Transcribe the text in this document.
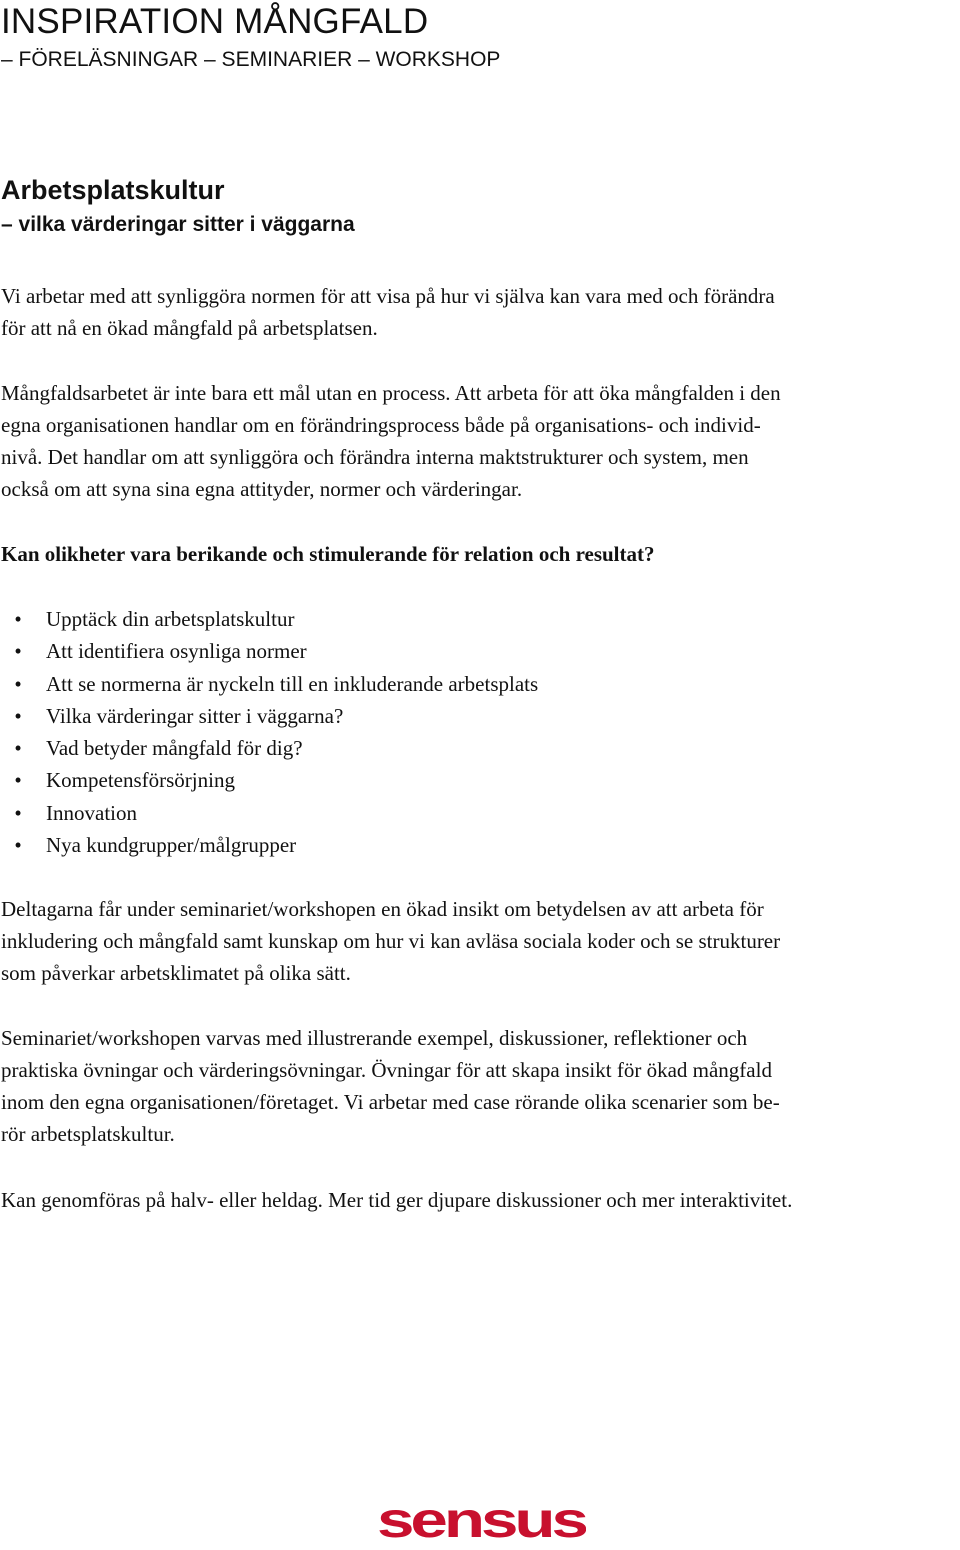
INSPIRATION MÅNGFALD

– FÖRELÄSNINGAR – SEMINARIER – WORKSHOP

Arbetsplatskultur

– vilka värderingar sitter i väggarna

Vi arbetar med att synliggöra normen för att visa på hur vi själva kan vara med och förändra
för att nå en ökad mångfald på arbetsplatsen.

Mångfaldsarbetet är inte bara ett mål utan en process. Att arbeta för att öka mångfalden i den
egna organisationen handlar om en förändringsprocess både på organisations- och individ-
nivå. Det handlar om att synliggöra och förändra interna maktstrukturer och system, men
också om att syna sina egna attityder, normer och värderingar.

Kan olikheter vara berikande och stimulerande för relation och resultat?

• Upptäck din arbetsplatskultur
• Att identifiera osynliga normer
• Att se normerna är nyckeln till en inkluderande arbetsplats
• Vilka värderingar sitter i väggarna?
• Vad betyder mångfald för dig?
• Kompetensförsörjning
• Innovation
• Nya kundgrupper/målgrupper

Deltagarna får under seminariet/workshopen en ökad insikt om betydelsen av att arbeta för
inkludering och mångfald samt kunskap om hur vi kan avläsa sociala koder och se strukturer
som påverkar arbetsklimatet på olika sätt.

Seminariet/workshopen varvas med illustrerande exempel, diskussioner, reflektioner och
praktiska övningar och värderingsövningar. Övningar för att skapa insikt för ökad mångfald
inom den egna organisationen/företaget. Vi arbetar med case rörande olika scenarier som be-
rör arbetsplatskultur.

Kan genomföras på halv- eller heldag. Mer tid ger djupare diskussioner och mer interaktivitet.

sensus
